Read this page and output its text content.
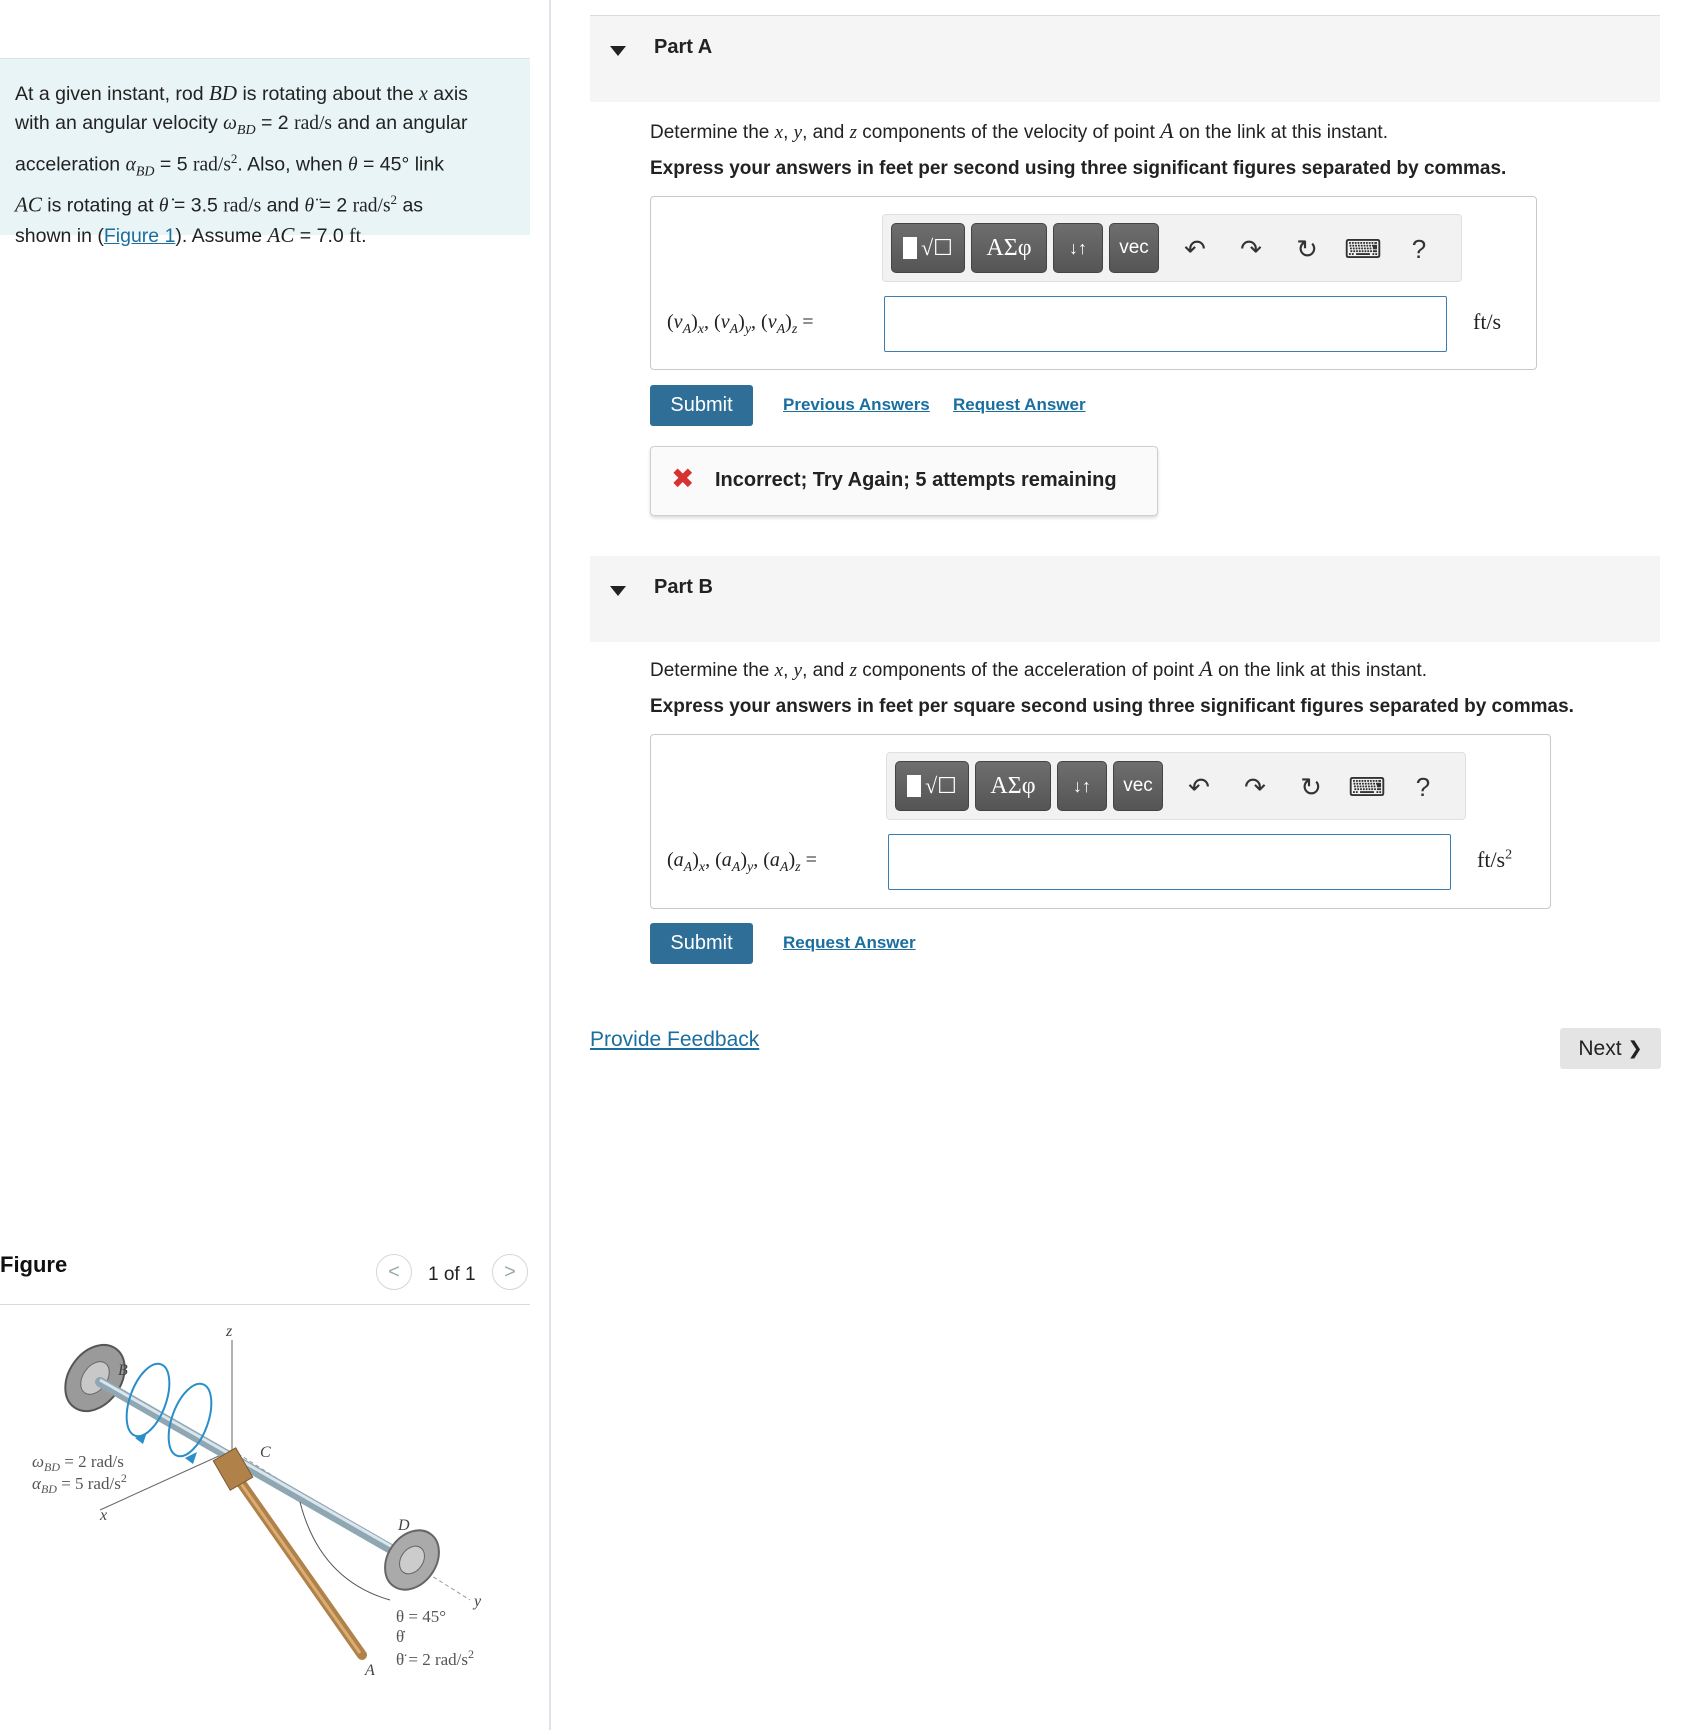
At a given instant, rod BD is rotating about the x axis
with an angular velocity $\omega_{BD} = 2$ rad/s and an angular
acceleration $\alpha_{BD} = 5$ rad/$s^2$. Also, when θ = 45° link
AC is rotating at θ̇ = 3.5 rad/s and θ̈ = 2 rad/$s^2$ as
shown in (Figure 1). Assume AC = 7.0 ft.
Figure	< 1 of 1 >
B
C
D
A
x
y
z
$\omega_{BD} = 2$ rad/s
$\alpha_{BD} = 5$ rad/$s^2$
θ = 45°
θ̇
θ̈ = 2 rad/$s^2$
Part A
Determine the x, y, and z components of the velocity of point A on the link at this instant.
Express your answers in feet per second using three significant figures separated by commas.
√☐ ΑΣφ ↓↑ vec ↶ ↷ ↻ ⌨	?
$(v_A)_x$, $(v_A)_y$, $(v_A)_z$ =	ft/s
Submit	Previous Answers Request Answer
✖ Incorrect; Try Again; 5 attempts remaining
Part B
Determine the x, y, and z components of the acceleration of point A on the link at this instant.
Express your answers in feet per square second using three significant figures separated by commas.
√☐ ΑΣφ ↓↑ vec ↶ ↷ ↻ ⌨	?
$(a_A)_x$, $(a_A)_y$, $(a_A)_z$ =	$ft/s^2$
Submit	Request Answer
Provide Feedback	Next ❯
